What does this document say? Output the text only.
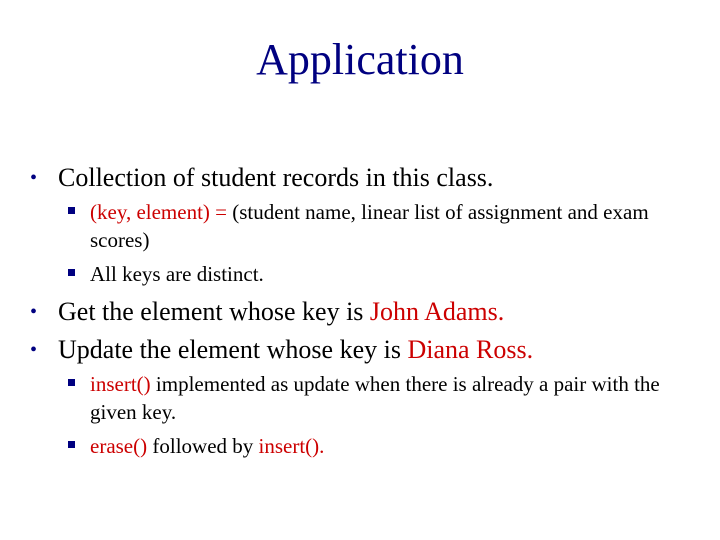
Application
• Collection of student records in this class.
(key, element) = (student name, linear list of assignment and exam scores)
All keys are distinct.
• Get the element whose key is John Adams.
• Update the element whose key is Diana Ross.
insert() implemented as update when there is already a pair with the given key.
erase() followed by insert().
